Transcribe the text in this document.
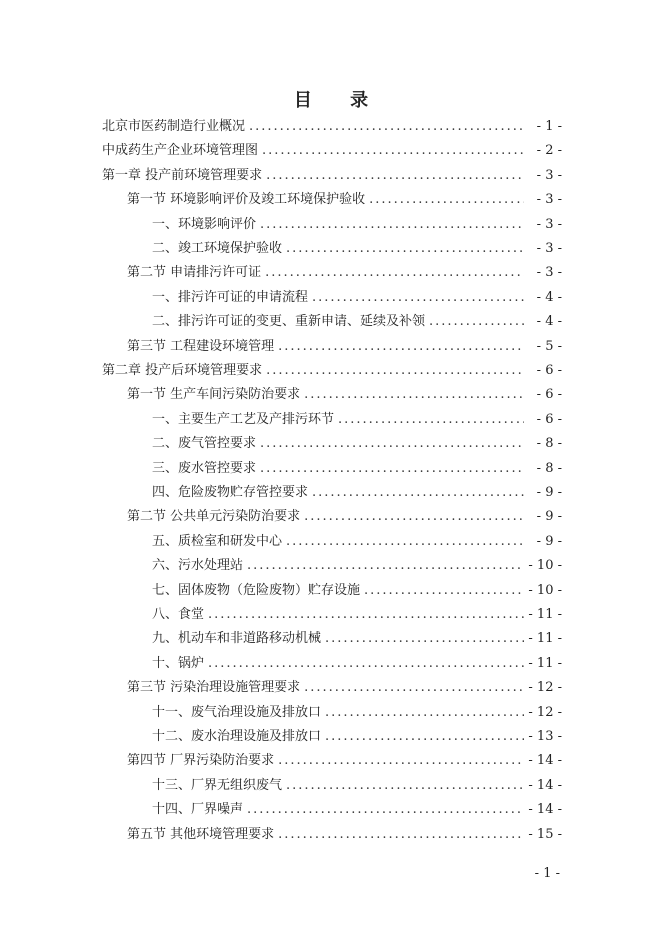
目 录
北京市医药制造行业概况 .....	- 1 -
中成药生产企业环境管理图 .....	- 2 -
第一章 投产前环境管理要求 .....	- 3 -
第一节 环境影响评价及竣工环境保护验收 .....	- 3 -
一、环境影响评价 .....	- 3 -
二、竣工环境保护验收 .....	- 3 -
第二节 申请排污许可证 .....	- 3 -
一、排污许可证的申请流程 .....	- 4 -
二、排污许可证的变更、重新申请、延续及补领 .....	- 4 -
第三节 工程建设环境管理 .....	- 5 -
第二章 投产后环境管理要求 .....	- 6 -
第一节 生产车间污染防治要求 .....	- 6 -
一、主要生产工艺及产排污环节 .....	- 6 -
二、废气管控要求 .....	- 8 -
三、废水管控要求 .....	- 8 -
四、危险废物贮存管控要求 .....	- 9 -
第二节 公共单元污染防治要求 .....	- 9 -
五、质检室和研发中心 .....	- 9 -
六、污水处理站 .....	- 10 -
七、固体废物（危险废物）贮存设施 .....	- 10 -
八、食堂 .....	- 11 -
九、机动车和非道路移动机械 .....	- 11 -
十、锅炉 .....	- 11 -
第三节 污染治理设施管理要求 .....	- 12 -
十一、废气治理设施及排放口 .....	- 12 -
十二、废水治理设施及排放口 .....	- 13 -
第四节 厂界污染防治要求 .....	- 14 -
十三、厂界无组织废气 .....	- 14 -
十四、厂界噪声 .....	- 14 -
第五节 其他环境管理要求 .....	- 15 -
- 1 -
